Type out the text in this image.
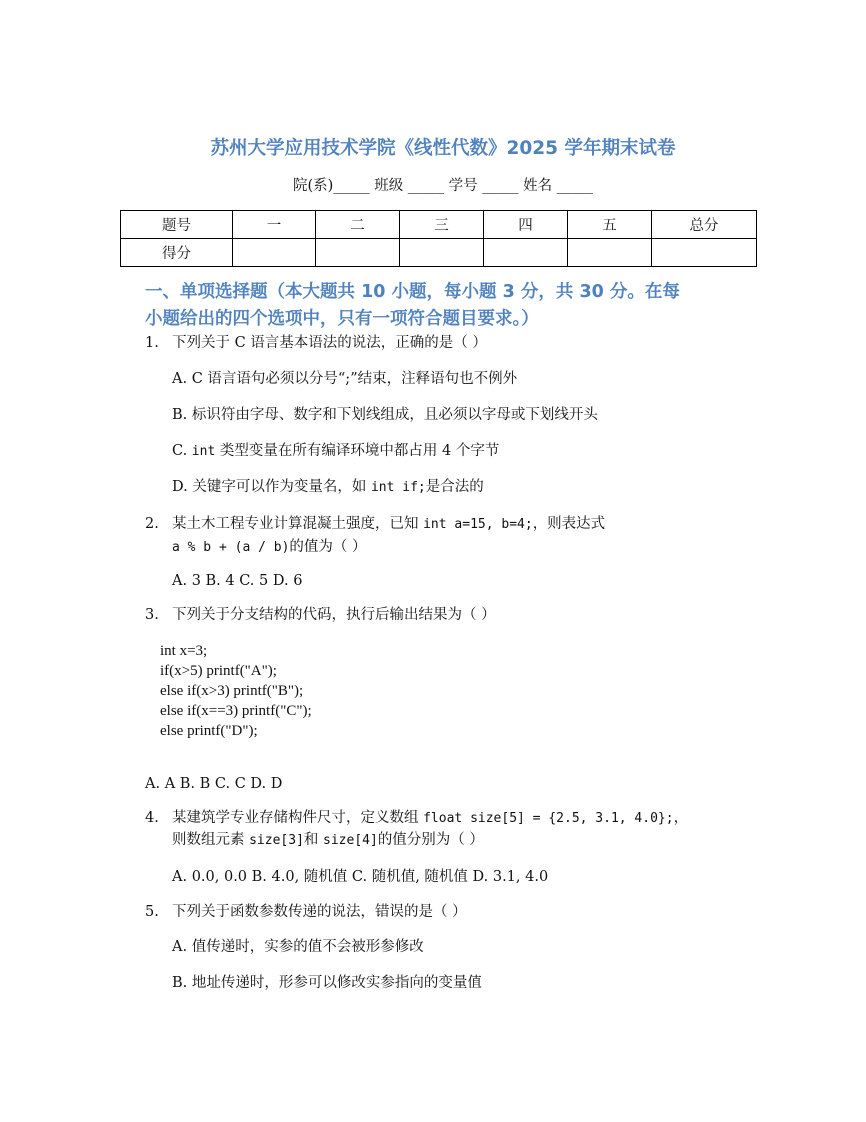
苏州大学应用技术学院《线性代数》2025 学年期末试卷
院(系)_____ 班级 _____ 学号 _____ 姓名 _____
题号	一	二	三	四	五	总分
得分						
一、单项选择题（本大题共 10 小题，每小题 3 分，共 30 分。在每
小题给出的四个选项中，只有一项符合题目要求。）
1. 下列关于 C 语言基本语法的说法，正确的是（ ）
A. C 语言语句必须以分号“;”结束，注释语句也不例外
B. 标识符由字母、数字和下划线组成，且必须以字母或下划线开头
C. int 类型变量在所有编译环境中都占用 4 个字节
D. 关键字可以作为变量名，如 int if;是合法的
2. 某土木工程专业计算混凝土强度，已知 int a=15, b=4;，则表达式
a % b + (a / b)的值为（ ）
A. 3 B. 4 C. 5 D. 6
3. 下列关于分支结构的代码，执行后输出结果为（ ）
int x=3;
if(x>5) printf("A");
else if(x>3) printf("B");
else if(x==3) printf("C");
else printf("D");
A. A B. B C. C D. D
4. 某建筑学专业存储构件尺寸，定义数组 float size[5] = {2.5, 3.1, 4.0};，
则数组元素 size[3]和 size[4]的值分别为（ ）
A. 0.0, 0.0 B. 4.0, 随机值 C. 随机值, 随机值 D. 3.1, 4.0
5. 下列关于函数参数传递的说法，错误的是（ ）
A. 值传递时，实参的值不会被形参修改
B. 地址传递时，形参可以修改实参指向的变量值
